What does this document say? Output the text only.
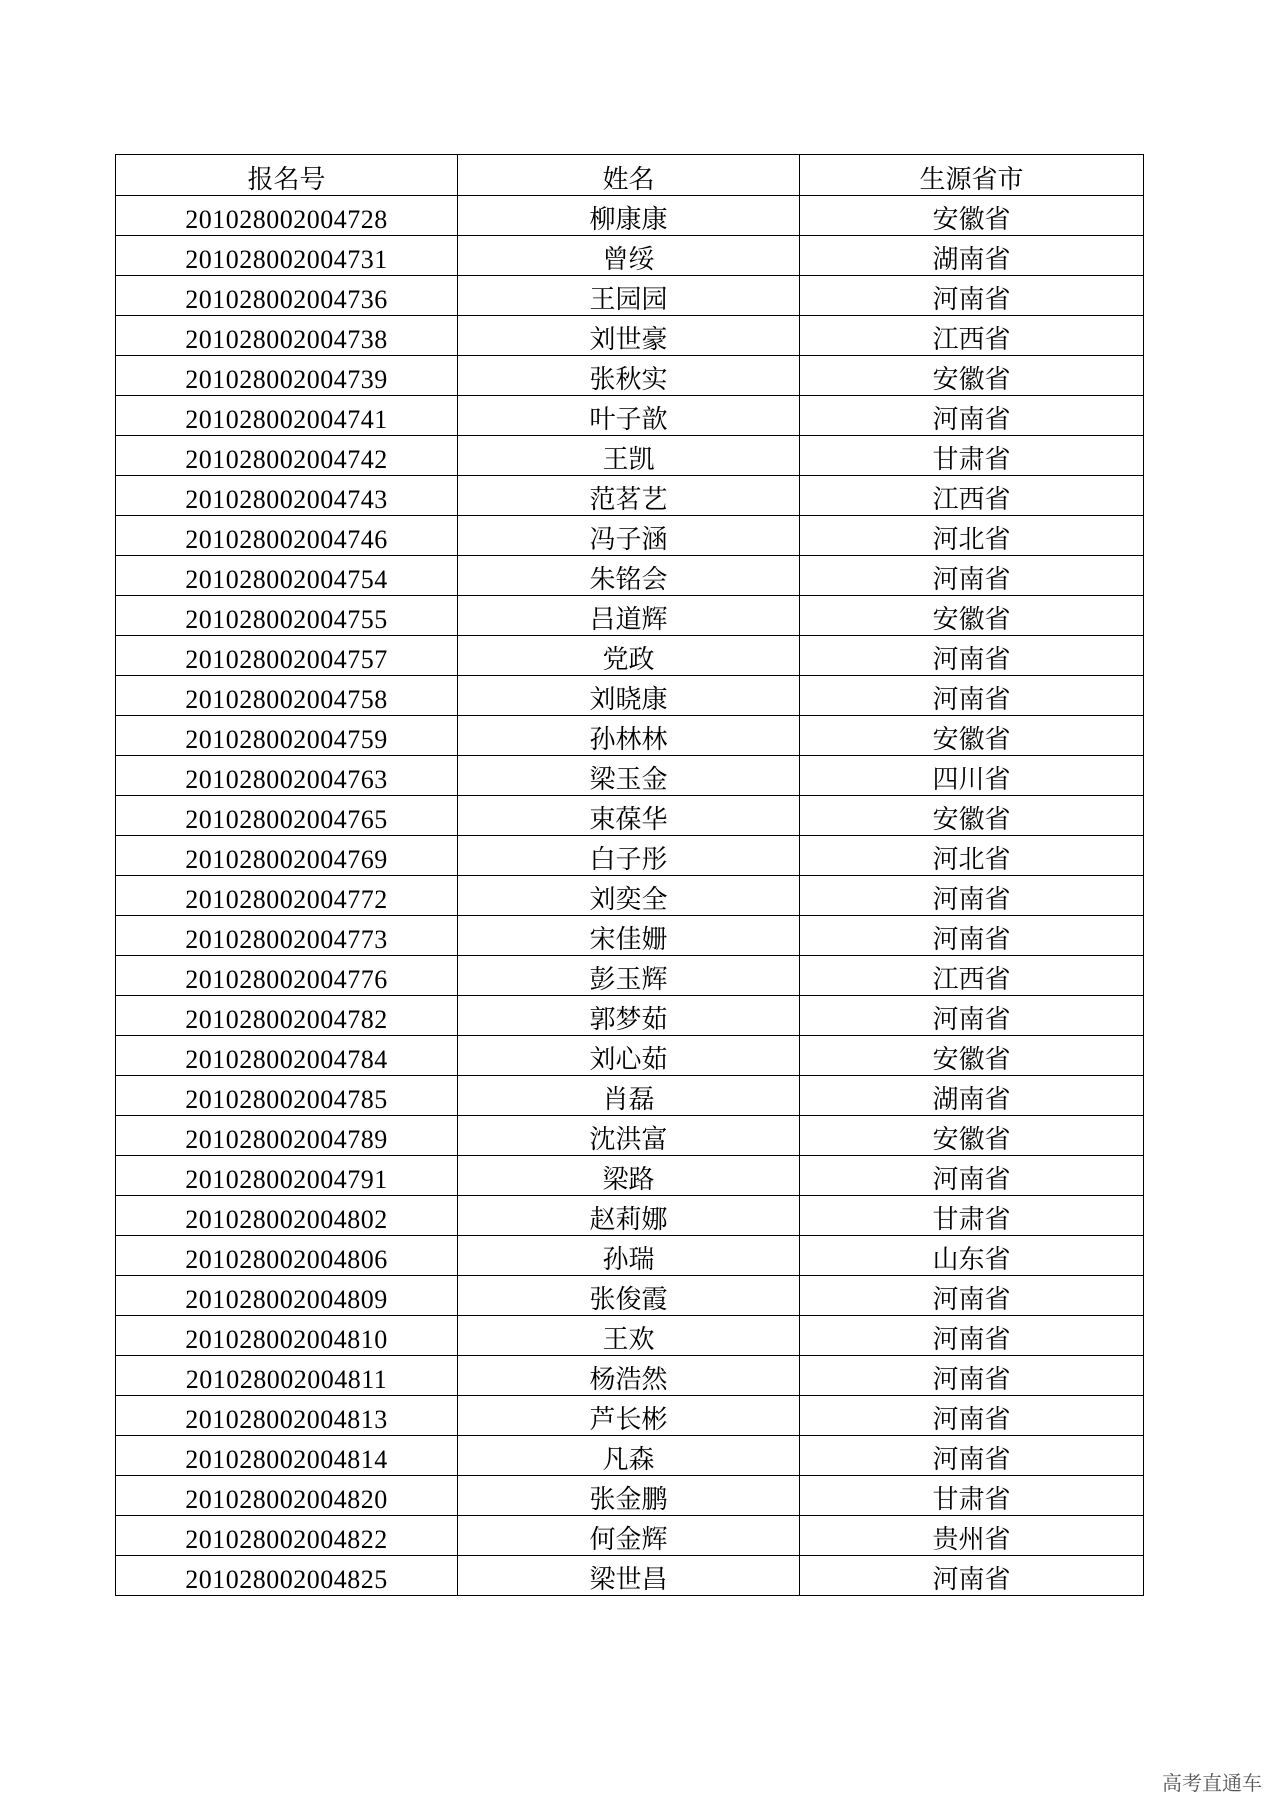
报名号	姓名	生源省市
201028002004728	柳康康	安徽省
201028002004731	曾绥	湖南省
201028002004736	王园园	河南省
201028002004738	刘世豪	江西省
201028002004739	张秋实	安徽省
201028002004741	叶子歆	河南省
201028002004742	王凯	甘肃省
201028002004743	范茗艺	江西省
201028002004746	冯子涵	河北省
201028002004754	朱铭会	河南省
201028002004755	吕道辉	安徽省
201028002004757	党政	河南省
201028002004758	刘晓康	河南省
201028002004759	孙林林	安徽省
201028002004763	梁玉金	四川省
201028002004765	束葆华	安徽省
201028002004769	白子彤	河北省
201028002004772	刘奕全	河南省
201028002004773	宋佳姗	河南省
201028002004776	彭玉辉	江西省
201028002004782	郭梦茹	河南省
201028002004784	刘心茹	安徽省
201028002004785	肖磊	湖南省
201028002004789	沈洪富	安徽省
201028002004791	梁路	河南省
201028002004802	赵莉娜	甘肃省
201028002004806	孙瑞	山东省
201028002004809	张俊霞	河南省
201028002004810	王欢	河南省
201028002004811	杨浩然	河南省
201028002004813	芦长彬	河南省
201028002004814	凡森	河南省
201028002004820	张金鹏	甘肃省
201028002004822	何金辉	贵州省
201028002004825	梁世昌	河南省
高考直通车
